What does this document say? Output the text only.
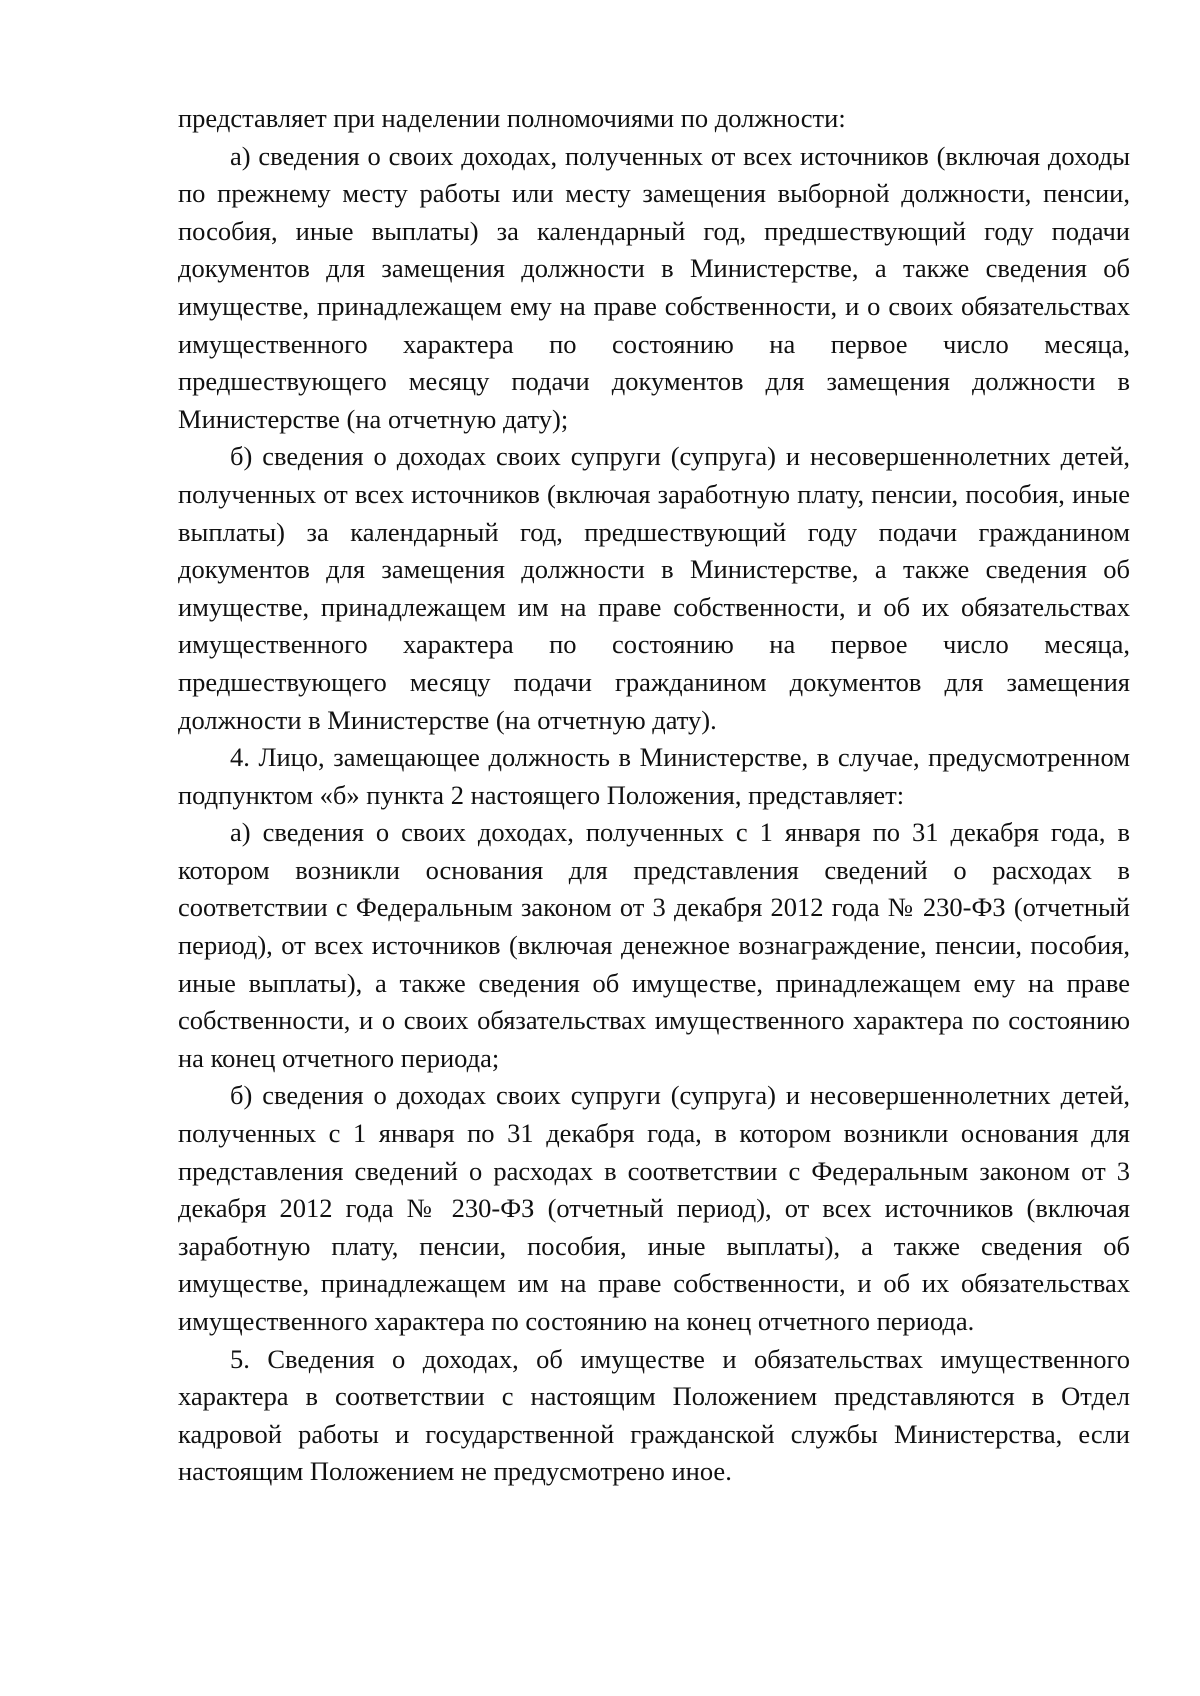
представляет при наделении полномочиями по должности:

а) сведения о своих доходах, полученных от всех источников (включая доходы по прежнему месту работы или месту замещения выборной должности, пенсии, пособия, иные выплаты) за календарный год, предшествующий году подачи документов для замещения должности в Министерстве, а также сведения об имуществе, принадлежащем ему на праве собственности, и о своих обязательствах имущественного характера по состоянию на первое число месяца, предшествующего месяцу подачи документов для замещения должности в Министерстве (на отчетную дату);

б) сведения о доходах своих супруги (супруга) и несовершеннолетних детей, полученных от всех источников (включая заработную плату, пенсии, пособия, иные выплаты) за календарный год, предшествующий году подачи гражданином документов для замещения должности в Министерстве, а также сведения об имуществе, принадлежащем им на праве собственности, и об их обязательствах имущественного характера по состоянию на первое число месяца, предшествующего месяцу подачи гражданином документов для замещения должности в Министерстве (на отчетную дату).

4. Лицо, замещающее должность в Министерстве, в случае, предусмотренном подпунктом «б» пункта 2 настоящего Положения, представляет:

а) сведения о своих доходах, полученных с 1 января по 31 декабря года, в котором возникли основания для представления сведений о расходах в соответствии с Федеральным законом от 3 декабря 2012 года № 230-ФЗ (отчетный период), от всех источников (включая денежное вознаграждение, пенсии, пособия, иные выплаты), а также сведения об имуществе, принадлежащем ему на праве собственности, и о своих обязательствах имущественного характера по состоянию на конец отчетного периода;

б) сведения о доходах своих супруги (супруга) и несовершеннолетних детей, полученных с 1 января по 31 декабря года, в котором возникли основания для представления сведений о расходах в соответствии с Федеральным законом от 3 декабря 2012 года № 230-ФЗ (отчетный период), от всех источников (включая заработную плату, пенсии, пособия, иные выплаты), а также сведения об имуществе, принадлежащем им на праве собственности, и об их обязательствах имущественного характера по состоянию на конец отчетного периода.

5. Сведения о доходах, об имуществе и обязательствах имущественного характера в соответствии с настоящим Положением представляются в Отдел кадровой работы и государственной гражданской службы Министерства, если настоящим Положением не предусмотрено иное.
